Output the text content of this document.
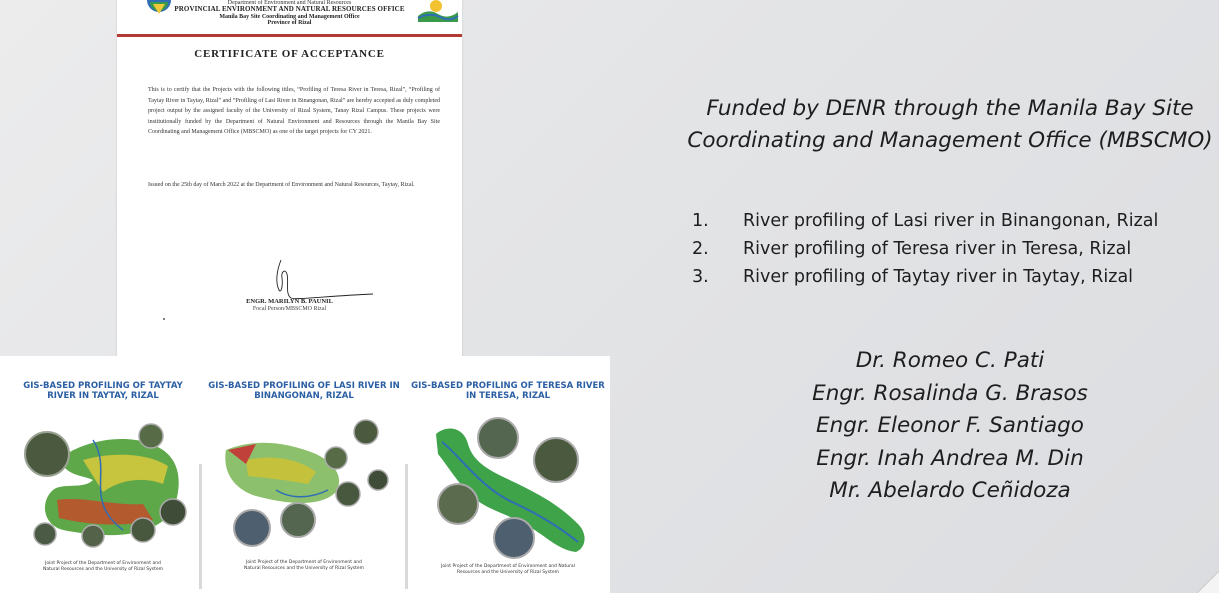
Department of Environment and Natural Resources
PROVINCIAL ENVIRONMENT AND NATURAL RESOURCES OFFICE
Manila Bay Site Coordinating and Management Office
Province of Rizal
CERTIFICATE OF ACCEPTANCE
This is to certify that the Projects with the following titles, “Profiling of Teresa River in Teresa, Rizal”, “Profiling of Taytay River in Taytay, Rizal” and “Profiling of Lasi River in Binangonan, Rizal” are hereby accepted as duly completed project output by the assigned faculty of the University of Rizal System, Tanay Rizal Campus. These projects were institutionally funded by the Department of Natural Environment and Resources through the Manila Bay Site Coordinating and Management Office (MBSCMO) as one of the target projects for CY 2021.
Issued on the 25th day of March 2022 at the Department of Environment and Natural Resources, Taytay, Rizal.
ENGR. MARILYN B. PAUNIL
Focal Person/MBSCMO Rizal
GIS-BASED PROFILING OF TAYTAY RIVER IN TAYTAY, RIZAL
Joint Project of the Department of Environment and Natural Resources and the University of Rizal System
GIS-BASED PROFILING OF LASI RIVER IN BINANGONAN, RIZAL
Joint Project of the Department of Environment and Natural Resources and the University of Rizal System
GIS-BASED PROFILING OF TERESA RIVER IN TERESA, RIZAL
Joint Project of the Department of Environment and Natural Resources and the University of Rizal System
Funded by DENR through the Manila Bay Site Coordinating and Management Office (MBSCMO)
1. River profiling of Lasi river in Binangonan, Rizal
2. River profiling of Teresa river in Teresa, Rizal
3. River profiling of Taytay river in Taytay, Rizal
Dr. Romeo C. Pati
Engr. Rosalinda G. Brasos
Engr. Eleonor F. Santiago
Engr. Inah Andrea M. Din
Mr. Abelardo Ceñidoza
